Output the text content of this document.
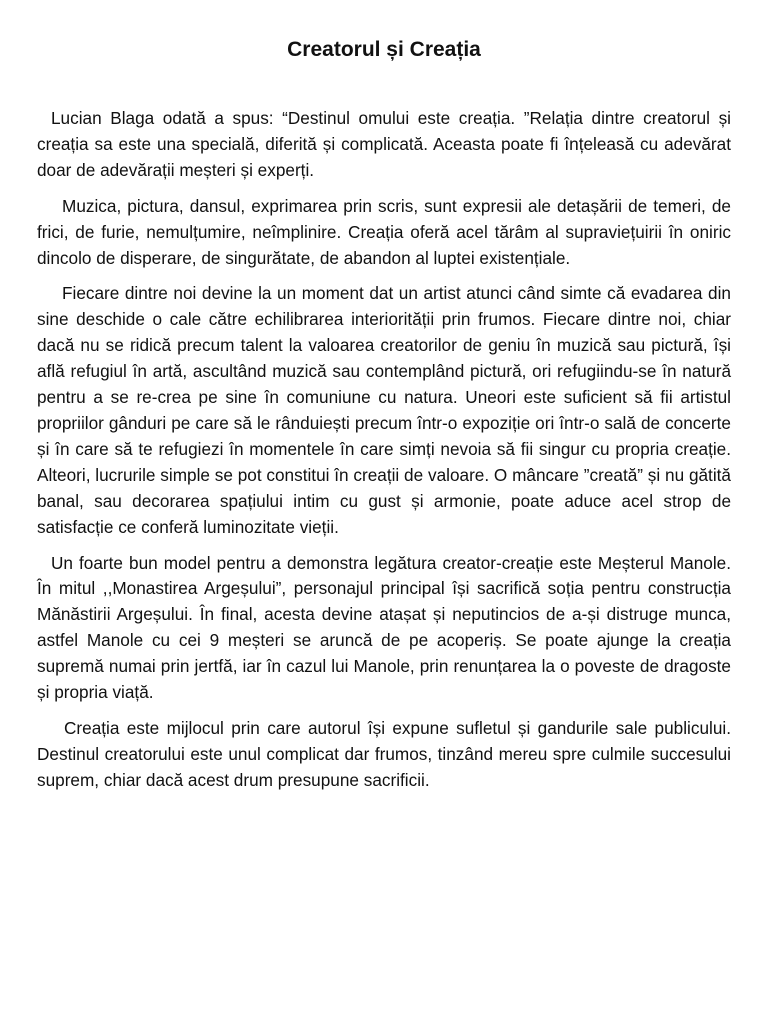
Creatorul și Creația

Lucian Blaga odată a spus: “Destinul omului este creația. ”Relația dintre creatorul și creația sa este una specială, diferită și complicată. Aceasta poate fi înțeleasă cu adevărat doar de adevărații meșteri și experți.

Muzica, pictura, dansul, exprimarea prin scris, sunt expresii ale detașării de temeri, de frici, de furie, nemulțumire, neîmplinire. Creația oferă acel tărâm al supraviețuirii în oniric dincolo de disperare, de singurătate, de abandon al luptei existențiale.

Fiecare dintre noi devine la un moment dat un artist atunci când simte că evadarea din sine deschide o cale către echilibrarea interiorității prin frumos. Fiecare dintre noi, chiar dacă nu se ridică precum talent la valoarea creatorilor de geniu în muzică sau pictură, își află refugiul în artă, ascultând muzică sau contemplând pictură, ori refugiindu-se în natură pentru a se re-crea pe sine în comuniune cu natura. Uneori este suficient să fii artistul propriilor gânduri pe care să le rânduiești precum într-o expoziție ori într-o sală de concerte și în care să te refugiezi în momentele în care simți nevoia să fii singur cu propria creație. Alteori, lucrurile simple se pot constitui în creații de valoare. O mâncare ”creată” și nu gătită banal, sau decorarea spațiului intim cu gust și armonie, poate aduce acel strop de satisfacție ce conferă luminozitate vieții.

Un foarte bun model pentru a demonstra legătura creator-creație este Meșterul Manole. În mitul ,,Monastirea Argeșului”, personajul principal își sacrifică soția pentru construcția Mănăstirii Argeșului. În final, acesta devine atașat și neputincios de a-și distruge munca, astfel Manole cu cei 9 meșteri se aruncă de pe acoperiș. Se poate ajunge la creația supremă numai prin jertfă, iar în cazul lui Manole, prin renunțarea la o poveste de dragoste și propria viață.

Creația este mijlocul prin care autorul își expune sufletul și gandurile sale publicului. Destinul creatorului este unul complicat dar frumos, tinzând mereu spre culmile succesului suprem, chiar dacă acest drum presupune sacrificii.
